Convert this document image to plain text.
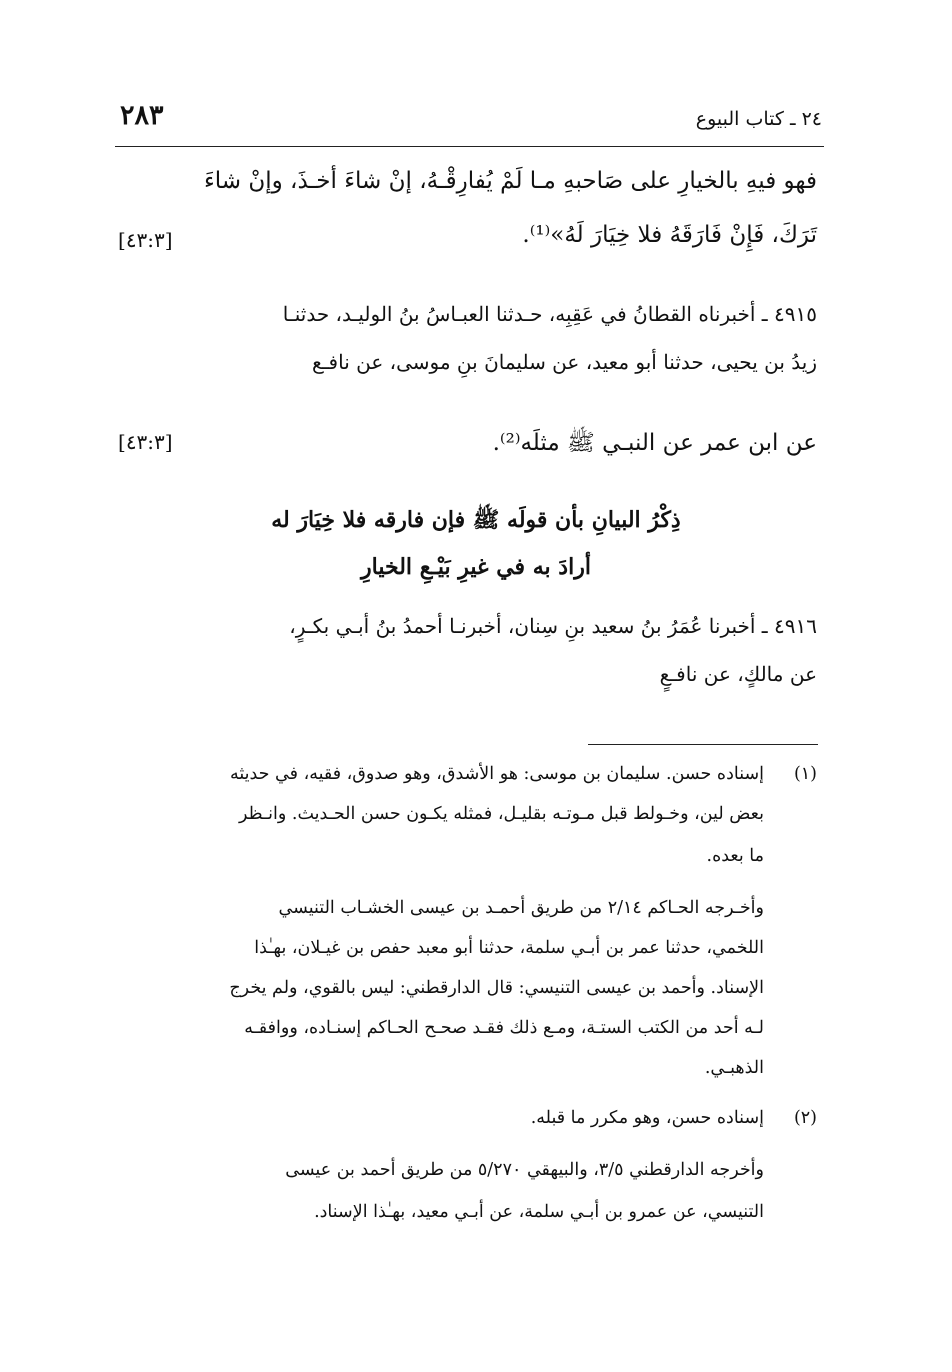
٢٤ ـ كتاب البيوع
٢٨٣
فهو فيهِ بالخيارِ على صَاحبهِ مـا لَمْ يُفارِقْـهُ، إنْ شاءَ أخـذَ، وإنْ شاءَ
تَرَكَ، فَإِنْ فَارَقَهُ فلا خِيَارَ لَهُ»⁽¹⁾.
[٤٣:٣]
٤٩١٥ ـ أخبرناه القطانُ في عَقِبِه، حـدثنا العبـاسُ بنُ الوليـد، حدثنـا
زيدُ بن يحيى، حدثنا أبو معيد، عن سليمانَ بنِ موسى، عن نافـع
عن ابن عمر عن النبـي ﷺ مثلَه⁽²⁾.
[٤٣:٣]
ذِكْرُ البيانِ بأن قولَه ﷺ فإن فارقه فلا خِيَارَ له
أرادَ به في غيرِ بَيْـعِ الخيارِ
٤٩١٦ ـ أخبرنا عُمَرُ بنُ سعيد بنِ سِنان، أخبرنـا أحمدُ بنُ أبـي بكـرٍ،
عن مالكٍ، عن نافـعٍ
(١)
إسناده حسن. سليمان بن موسى: هو الأشدق، وهو صدوق، فقيه، في حديثه
بعض لين، وخـولط قبل مـوتـه بقليـل، فمثله يكـون حسن الحـديث. وانـظر
ما بعده.
وأخـرجه الحـاكم ٢/١٤ من طريق أحمـد بن عيسى الخشـاب التنيسي
اللخمي، حدثنا عمر بن أبـي سلمة، حدثنا أبو معبد حفص بن غيـلان، بهـٰذا
الإسناد. وأحمد بن عيسى التنيسي: قال الدارقطني: ليس بالقوي، ولم يخرج
لـه أحد من الكتب الستـة، ومـع ذلك فقـد صحـح الحـاكم إسنـاده، ووافقـه
الذهبـي.
(٢)
إسناده حسن، وهو مكرر ما قبله.
وأخرجه الدارقطني ٣/٥، والبيهقي ٥/٢٧٠ من طريق أحمد بن عيسى
التنيسي، عن عمرو بن أبـي سلمة، عن أبـي معيد، بهـٰذا الإسناد.
